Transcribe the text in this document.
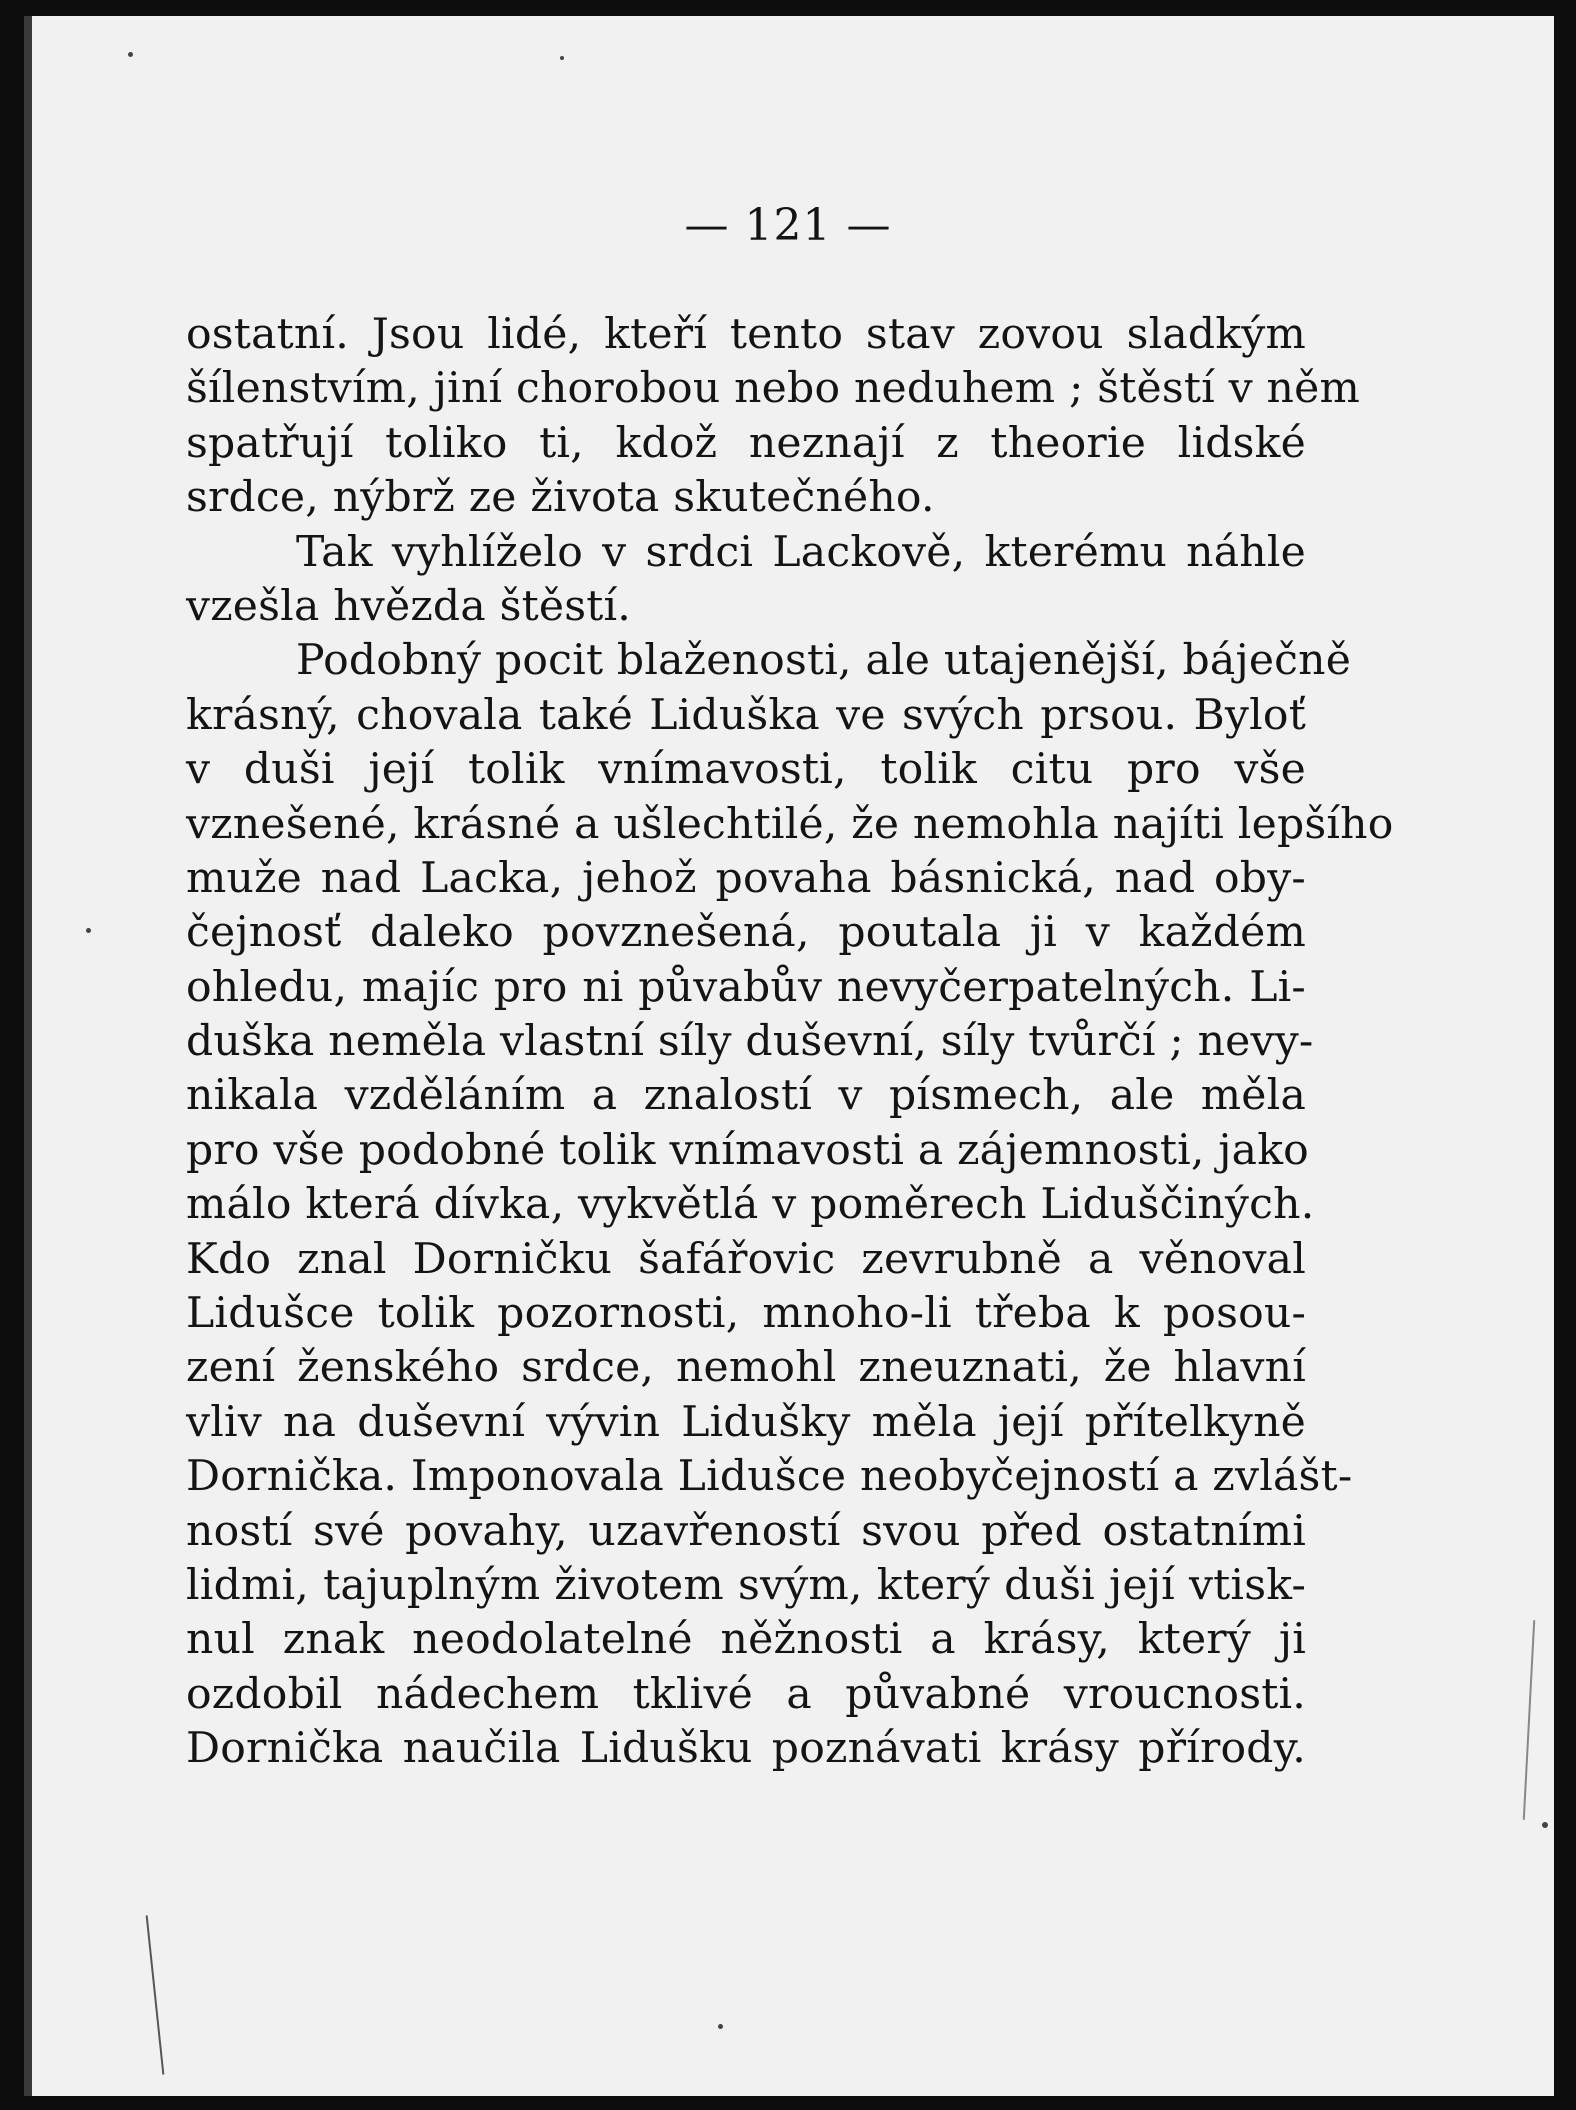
— 121 —
ostatní. Jsou lidé, kteří tento stav zovou sladkým
šílenstvím, jiní chorobou nebo neduhem ; štěstí v něm
spatřují toliko ti, kdož neznají z theorie lidské
srdce, nýbrž ze života skutečného.
Tak vyhlíželo v srdci Lackově, kterému náhle
vzešla hvězda štěstí.
Podobný pocit blaženosti, ale utajenější, báječně
krásný, chovala také Liduška ve svých prsou. Byloť
v duši její tolik vnímavosti, tolik citu pro vše
vznešené, krásné a ušlechtilé, že nemohla najíti lepšího
muže nad Lacka, jehož povaha básnická, nad oby-
čejnosť daleko povznešená, poutala ji v každém
ohledu, majíc pro ni půvabův nevyčerpatelných. Li-
duška neměla vlastní síly duševní, síly tvůrčí ; nevy-
nikala vzděláním a znalostí v písmech, ale měla
pro vše podobné tolik vnímavosti a zájemnosti, jako
málo která dívka, vykvětlá v poměrech Liduščiných.
Kdo znal Dorničku šafářovic zevrubně a věnoval
Lidušce tolik pozornosti, mnoho-li třeba k posou-
zení ženského srdce, nemohl zneuznati, že hlavní
vliv na duševní vývin Lidušky měla její přítelkyně
Dornička. Imponovala Lidušce neobyčejností a zvlášt-
ností své povahy, uzavřeností svou před ostatními
lidmi, tajuplným životem svým, který duši její vtisk-
nul znak neodolatelné něžnosti a krásy, který ji
ozdobil nádechem tklivé a půvabné vroucnosti.
Dornička naučila Lidušku poznávati krásy přírody.
